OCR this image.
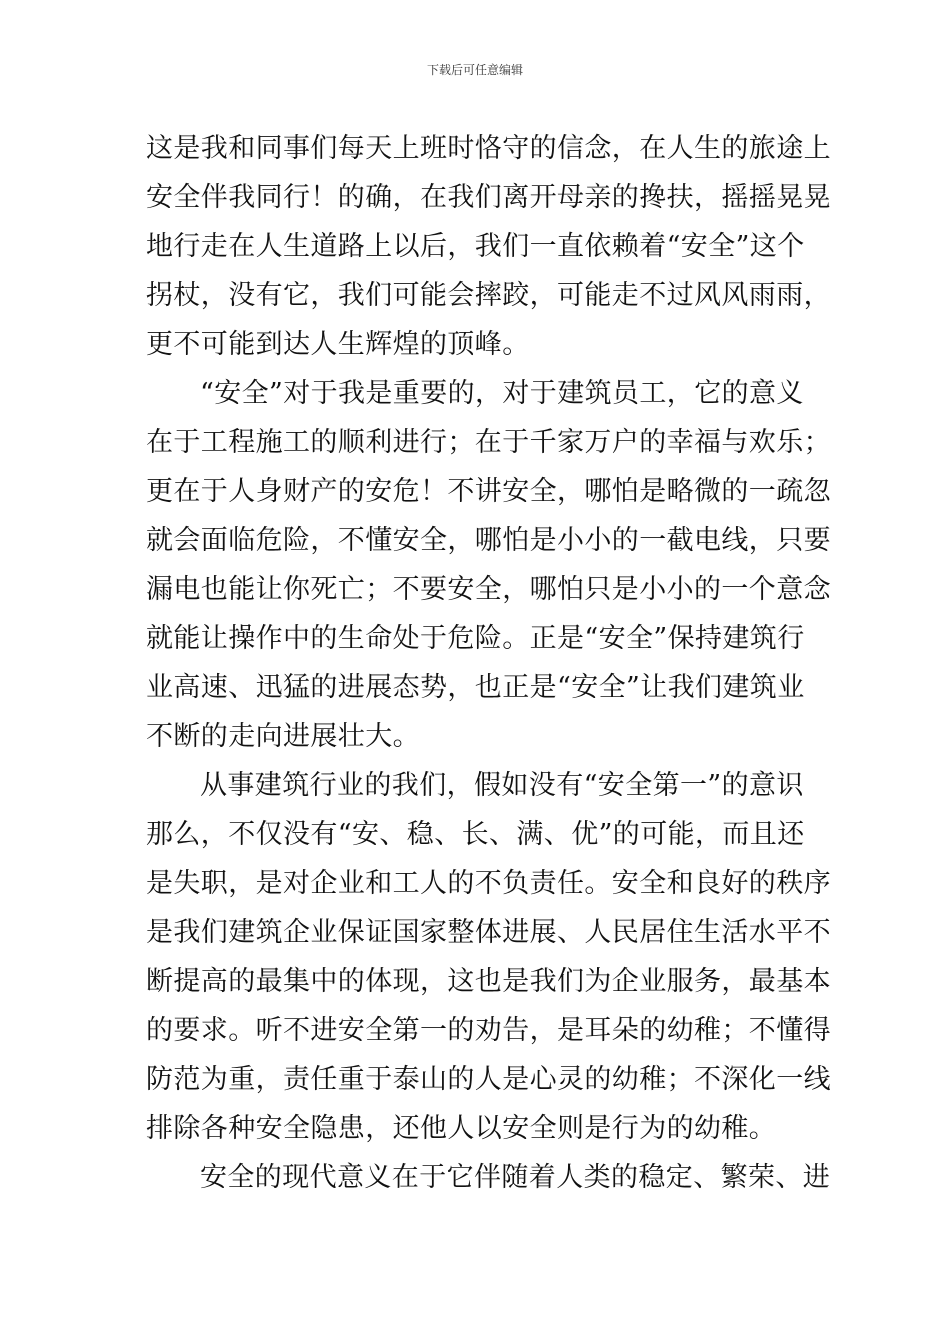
下载后可任意编辑
这是我和同事们每天上班时恪守的信念，在人生的旅途上
安全伴我同行！的确，在我们离开母亲的搀扶，摇摇晃晃
地行走在人生道路上以后，我们一直依赖着“安全”这个
拐杖，没有它，我们可能会摔跤，可能走不过风风雨雨，
更不可能到达人生辉煌的顶峰。
“安全”对于我是重要的，对于建筑员工，它的意义
在于工程施工的顺利进行；在于千家万户的幸福与欢乐；
更在于人身财产的安危！不讲安全，哪怕是略微的一疏忽
就会面临危险，不懂安全，哪怕是小小的一截电线，只要
漏电也能让你死亡；不要安全，哪怕只是小小的一个意念
就能让操作中的生命处于危险。正是“安全”保持建筑行
业高速、迅猛的进展态势，也正是“安全”让我们建筑业
不断的走向进展壮大。
从事建筑行业的我们，假如没有“安全第一”的意识
那么，不仅没有“安、稳、长、满、优”的可能，而且还
是失职，是对企业和工人的不负责任。安全和良好的秩序
是我们建筑企业保证国家整体进展、人民居住生活水平不
断提高的最集中的体现，这也是我们为企业服务，最基本
的要求。听不进安全第一的劝告，是耳朵的幼稚；不懂得
防范为重，责任重于泰山的人是心灵的幼稚；不深化一线
排除各种安全隐患，还他人以安全则是行为的幼稚。
安全的现代意义在于它伴随着人类的稳定、繁荣、进
